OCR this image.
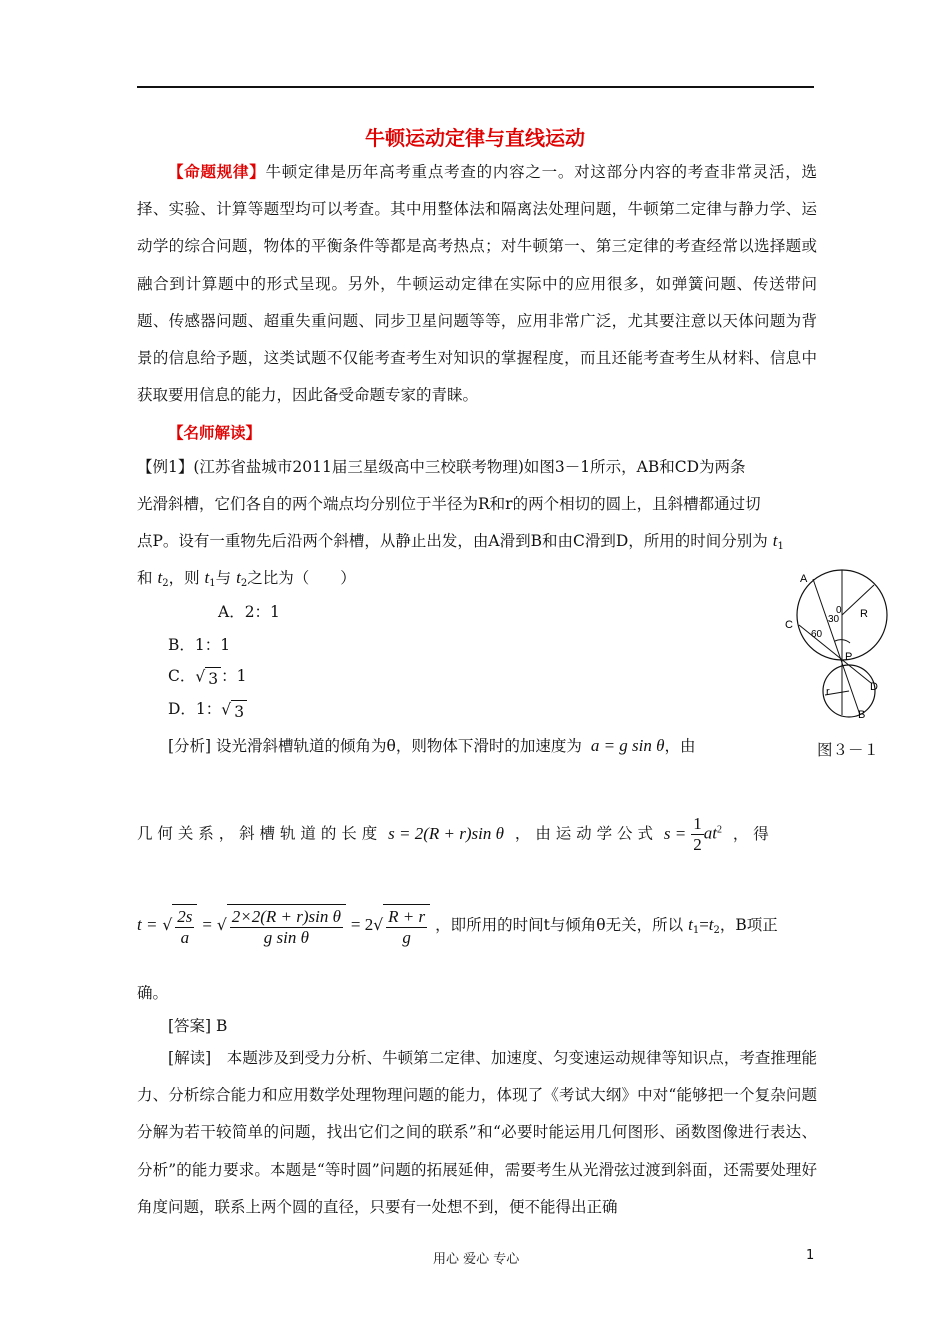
牛顿运动定律与直线运动
【命题规律】牛顿定律是历年高考重点考查的内容之一。对这部分内容的考查非常灵活，选择、实验、计算等题型均可以考查。其中用整体法和隔离法处理问题，牛顿第二定律与静力学、运动学的综合问题，物体的平衡条件等都是高考热点；对牛顿第一、第三定律的考查经常以选择题或融合到计算题中的形式呈现。另外，牛顿运动定律在实际中的应用很多，如弹簧问题、传送带问题、传感器问题、超重失重问题、同步卫星问题等等，应用非常广泛，尤其要注意以天体问题为背景的信息给予题，这类试题不仅能考查考生对知识的掌握程度，而且还能考查考生从材料、信息中获取要用信息的能力，因此备受命题专家的青睐。
【名师解读】
【例1】(江苏省盐城市2011届三星级高中三校联考物理)如图3－1所示，AB和CD为两条
光滑斜槽，它们各自的两个端点均分别位于半径为R和r的两个相切的圆上，且斜槽都通过切
点P。设有一重物先后沿两个斜槽，从静止出发，由A滑到B和由C滑到D，所用的时间分别为 $t_1$
和 $t_2$，则 $t_1$与 $t_2$之比为（　　）
A．2：1
B．1：1
C．√ 3 ：1
D．1：√ 3
A
C
R
0
30
60
P
r	D
B
图３－１
[分析] 设光滑斜槽轨道的倾角为θ，则物体下滑时的加速度为 a = g sin θ，由
几 何 关 系 ， 斜 槽 轨 道 的 长 度 s = 2(R + r)sin θ ， 由 运 动 学 公 式 $s = \frac{1}{2} at^2$ ， 得
t = √ $\frac{2s}{a}$ = √ $\frac{\text{2×2(R + r)sin θ}}{\text{g sin θ}} = 2√ \frac{R + r}{g}$ ，即所用的时间t与倾角θ无关，所以 $t_1=t_2$，B项正
确。
[答案] B
[解读]　 本题涉及到受力分析、牛顿第二定律、加速度、匀变速运动规律等知识点，考查推理能力、分析综合能力和应用数学处理物理问题的能力，体现了《考试大纲》中对“能够把一个复杂问题分解为若干较简单的问题，找出它们之间的联系”和“必要时能运用几何图形、函数图像进行表达、分析”的能力要求。本题是“等时圆”问题的拓展延伸，需要考生从光滑弦过渡到斜面，还需要处理好角度问题，联系上两个圆的直径，只要有一处想不到，便不能得出正确
用心 爱心 专心	1
